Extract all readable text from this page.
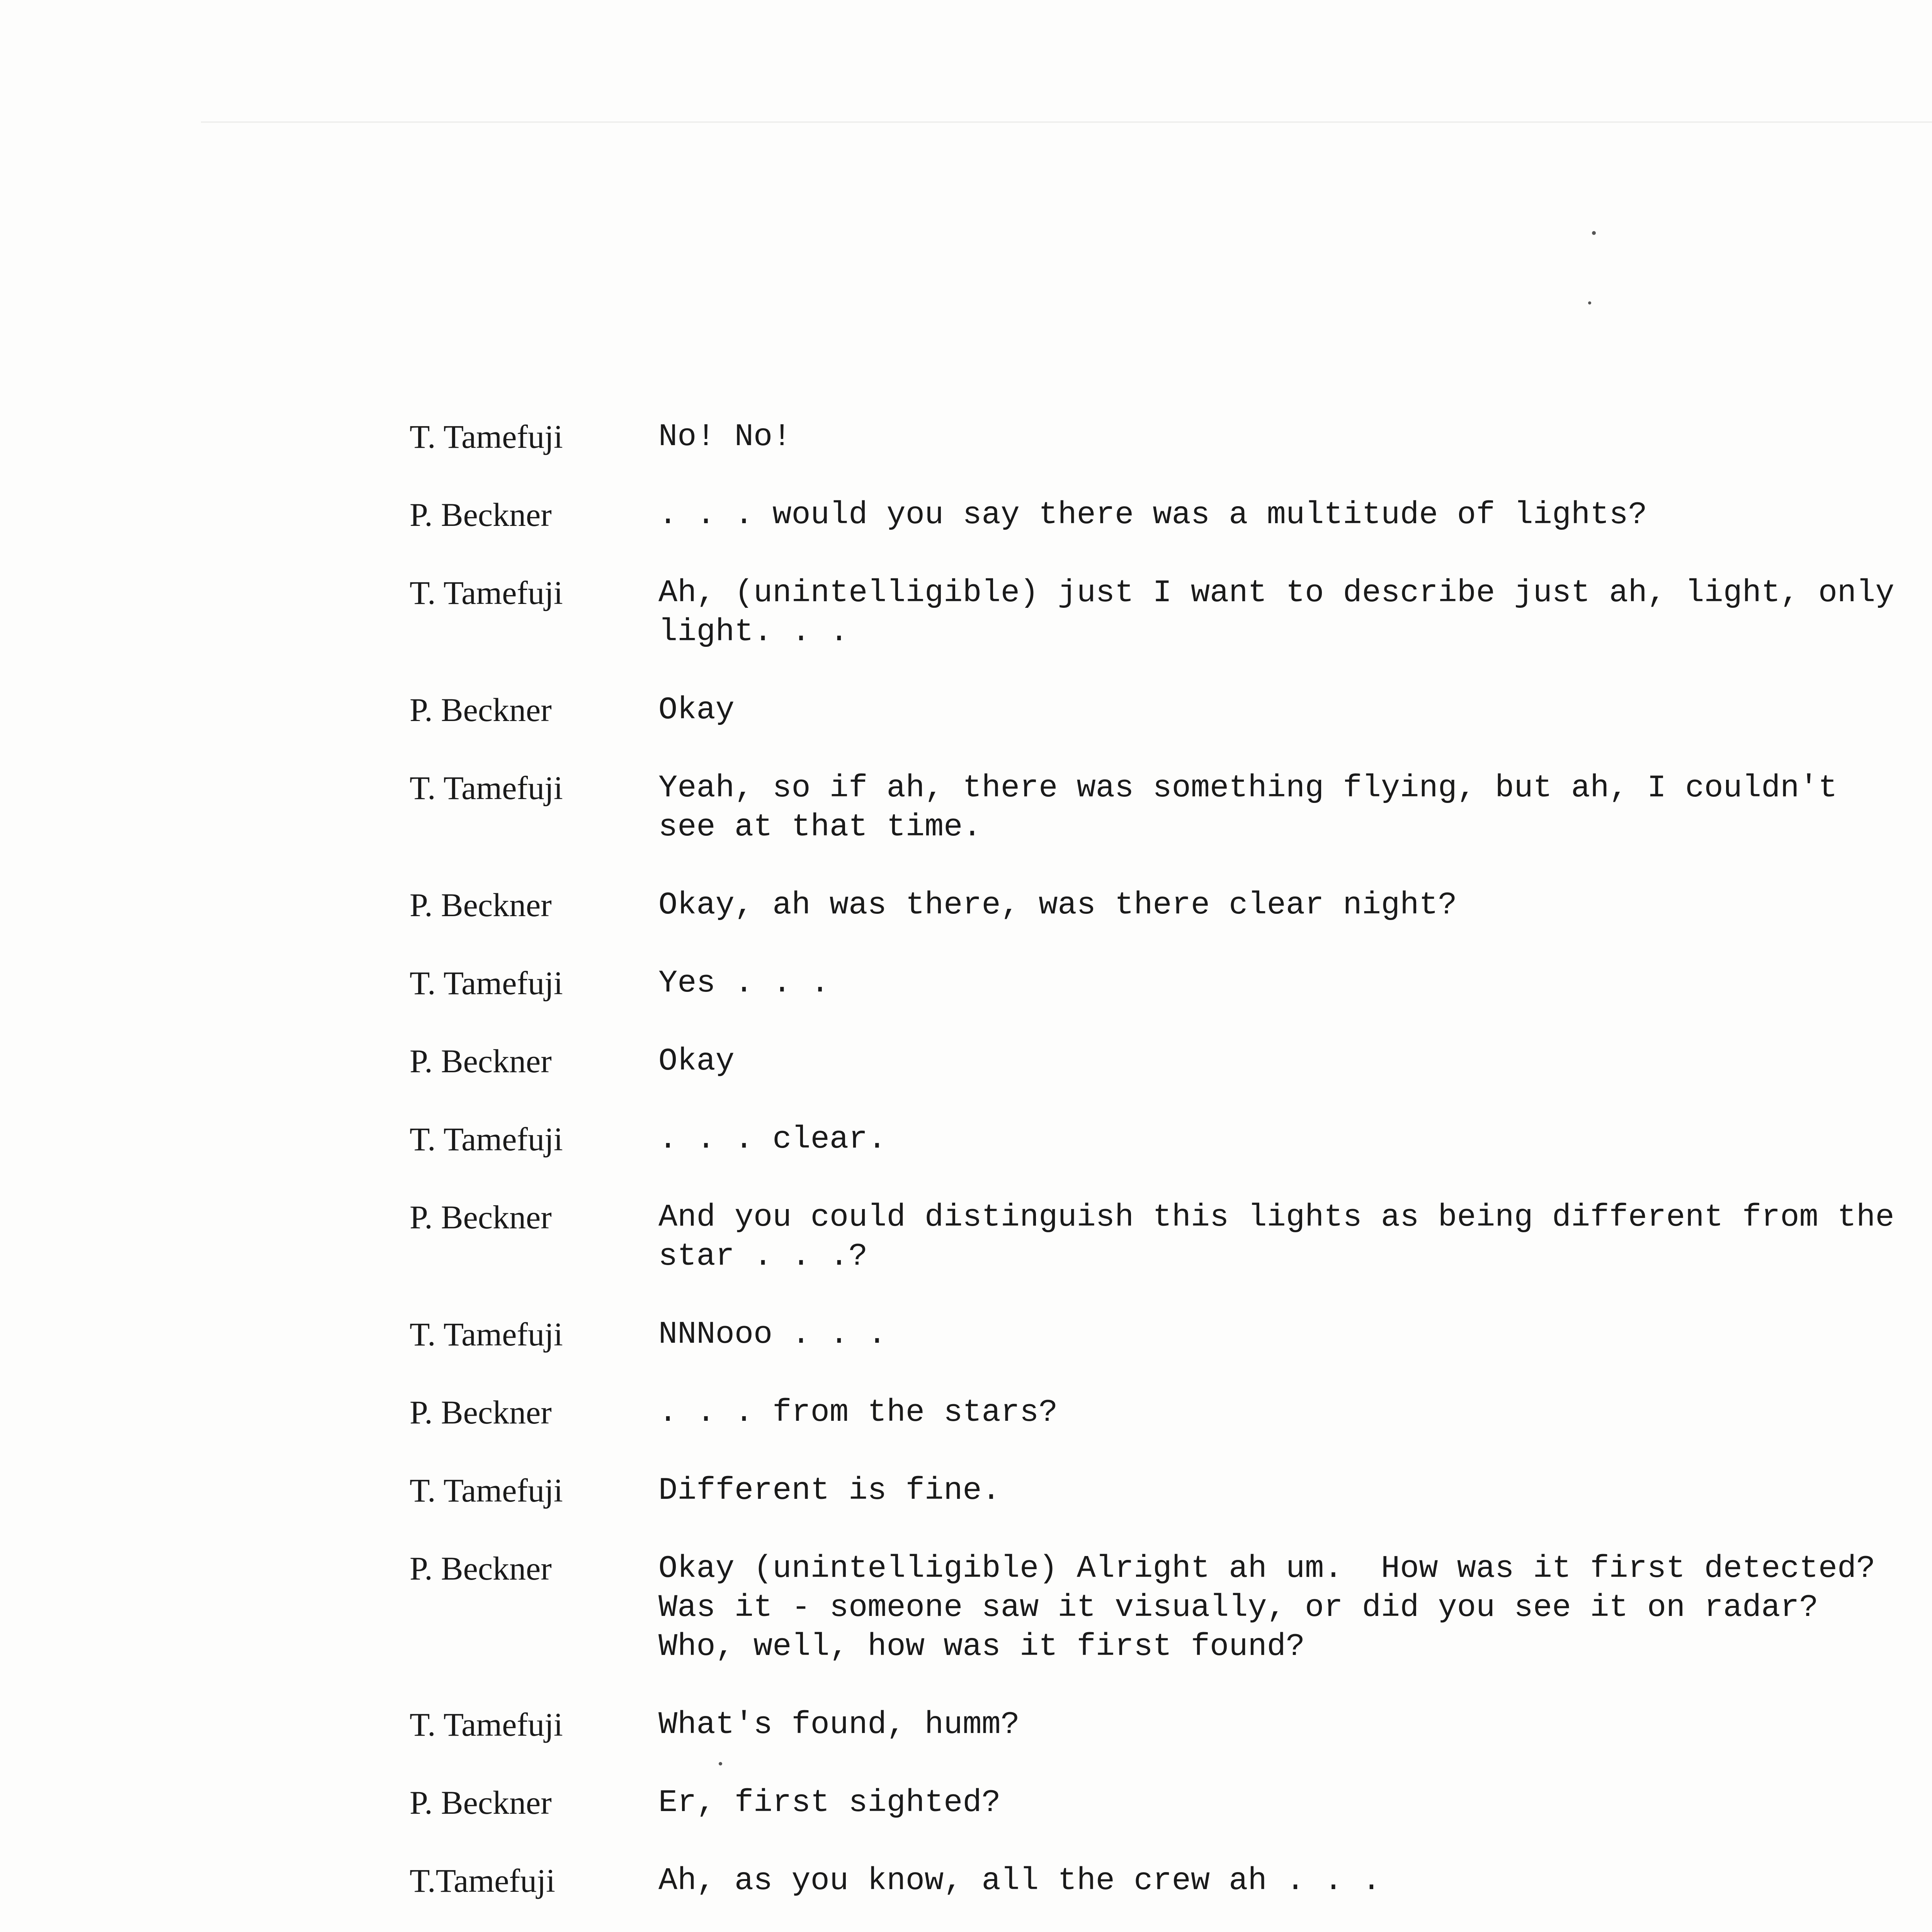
T. Tamefuji	No! No!
P. Beckner	. . . would you say there was a multitude of lights?
T. Tamefuji	Ah, (unintelligible) just I want to describe just ah, light, only
light. . .
P. Beckner	Okay
T. Tamefuji	Yeah, so if ah, there was something flying, but ah, I couldn't
see at that time.
P. Beckner	Okay, ah was there, was there clear night?
T. Tamefuji	Yes . . .
P. Beckner	Okay
T. Tamefuji	. . . clear.
P. Beckner	And you could distinguish this lights as being different from the
star . . .?
T. Tamefuji	NNNooo . . .
P. Beckner	. . . from the stars?
T. Tamefuji	Different is fine.
P. Beckner	Okay (unintelligible) Alright ah um.  How was it first detected?
Was it - someone saw it visually, or did you see it on radar?
Who, well, how was it first found?
T. Tamefuji	What's found, humm?
P. Beckner	Er, first sighted?
T.Tamefuji	Ah, as you know, all the crew ah . . .
